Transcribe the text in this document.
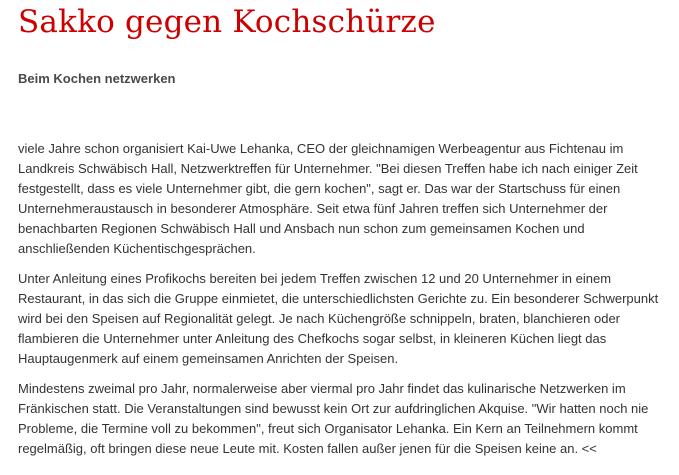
Sakko gegen Kochschürze
Beim Kochen netzwerken

viele Jahre schon organisiert Kai-Uwe Lehanka, CEO der gleichnamigen Werbeagentur aus Fichtenau im
Landkreis Schwäbisch Hall, Netzwerktreffen für Unternehmer. "Bei diesen Treffen habe ich nach einiger Zeit
festgestellt, dass es viele Unternehmer gibt, die gern kochen", sagt er. Das war der Startschuss für einen
Unternehmeraustausch in besonderer Atmosphäre. Seit etwa fünf Jahren treffen sich Unternehmer der
benachbarten Regionen Schwäbisch Hall und Ansbach nun schon zum gemeinsamen Kochen und
anschließenden Küchentischgesprächen.

Unter Anleitung eines Profikochs bereiten bei jedem Treffen zwischen 12 und 20 Unternehmer in einem
Restaurant, in das sich die Gruppe einmietet, die unterschiedlichsten Gerichte zu. Ein besonderer Schwerpunkt
wird bei den Speisen auf Regionalität gelegt. Je nach Küchengröße schnippeln, braten, blanchieren oder
flambieren die Unternehmer unter Anleitung des Chefkochs sogar selbst, in kleineren Küchen liegt das
Hauptaugenmerk auf einem gemeinsamen Anrichten der Speisen.

Mindestens zweimal pro Jahr, normalerweise aber viermal pro Jahr findet das kulinarische Netzwerken im
Fränkischen statt. Die Veranstaltungen sind bewusst kein Ort zur aufdringlichen Akquise. "Wir hatten noch nie
Probleme, die Termine voll zu bekommen", freut sich Organisator Lehanka. Ein Kern an Teilnehmern kommt
regelmäßig, oft bringen diese neue Leute mit. Kosten fallen außer jenen für die Speisen keine an. <<
